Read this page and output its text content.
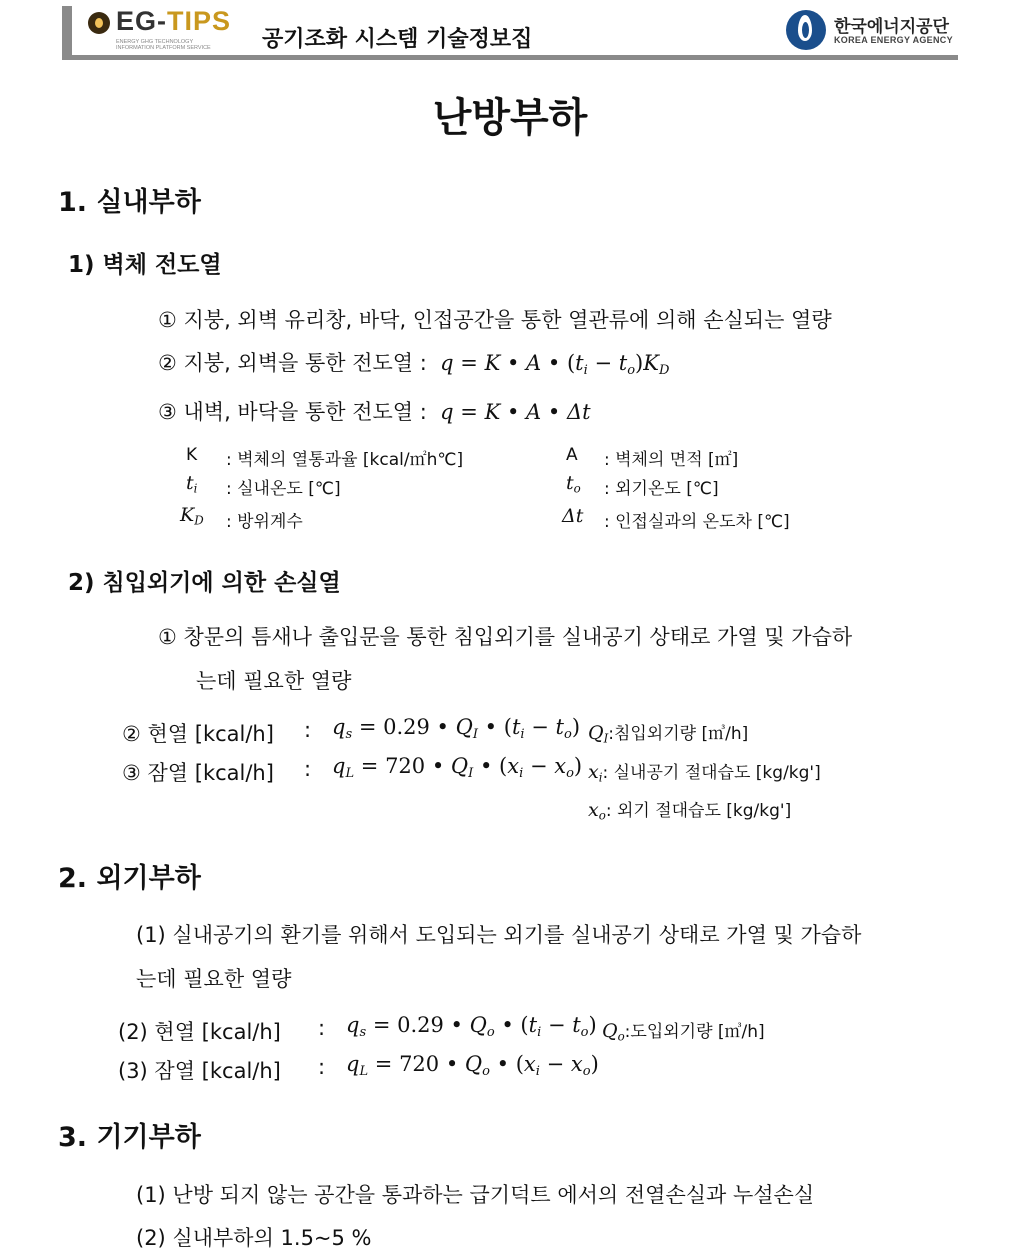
EG-TIPS
ENERGY GHG TECHNOLOGY
INFORMATION PLATFORM SERVICE	공기조화 시스템 기술정보집	한국에너지공단
KOREA ENERGY AGENCY
난방부하
1. 실내부하
1) 벽체 전도열
① 지붕, 외벽 유리창, 바닥, 인접공간을 통한 열관류에 의해 손실되는 열량
② 지붕, 외벽을 통한 전도열 :  q = K • A • $(t_i - t_o)K_D$
③ 내벽, 바닥을 통한 전도열 :  q = K • A • Δt
K : 벽체의 열통과율 [kcal/㎡h℃]	A : 벽체의 면적 [㎡]
$t_i$ : 실내온도 [℃]	$t_o$ : 외기온도 [℃]
$K_D$ : 방위계수	Δt : 인접실과의 온도차 [℃]
2) 침입외기에 의한 손실열
① 창문의 틈새나 출입문을 통한 침입외기를 실내공기 상태로 가열 및 가습하
는데 필요한 열량
② 현열 [kcal/h] : $q_s = 0.29$ • $Q_I$ • $(t_i - t_o)$ $Q_I$:침입외기량 [㎥/h]
③ 잠열 [kcal/h] : $q_L = 720$ • $Q_I$ • $(x_i - x_o)$ $x_i$: 실내공기 절대습도 [kg/kg']
$x_o$: 외기 절대습도 [kg/kg']
2. 외기부하
(1) 실내공기의 환기를 위해서 도입되는 외기를 실내공기 상태로 가열 및 가습하
는데 필요한 열량
(2) 현열 [kcal/h] : $q_s = 0.29$ • $Q_o$ • $(t_i - t_o)$ $Q_o$:도입외기량 [㎥/h]
(3) 잠열 [kcal/h] : $q_L = 720$ • $Q_o$ • $(x_i - x_o)$
3. 기기부하
(1) 난방 되지 않는 공간을 통과하는 급기덕트 에서의 전열손실과 누설손실
(2) 실내부하의 1.5~5 %
